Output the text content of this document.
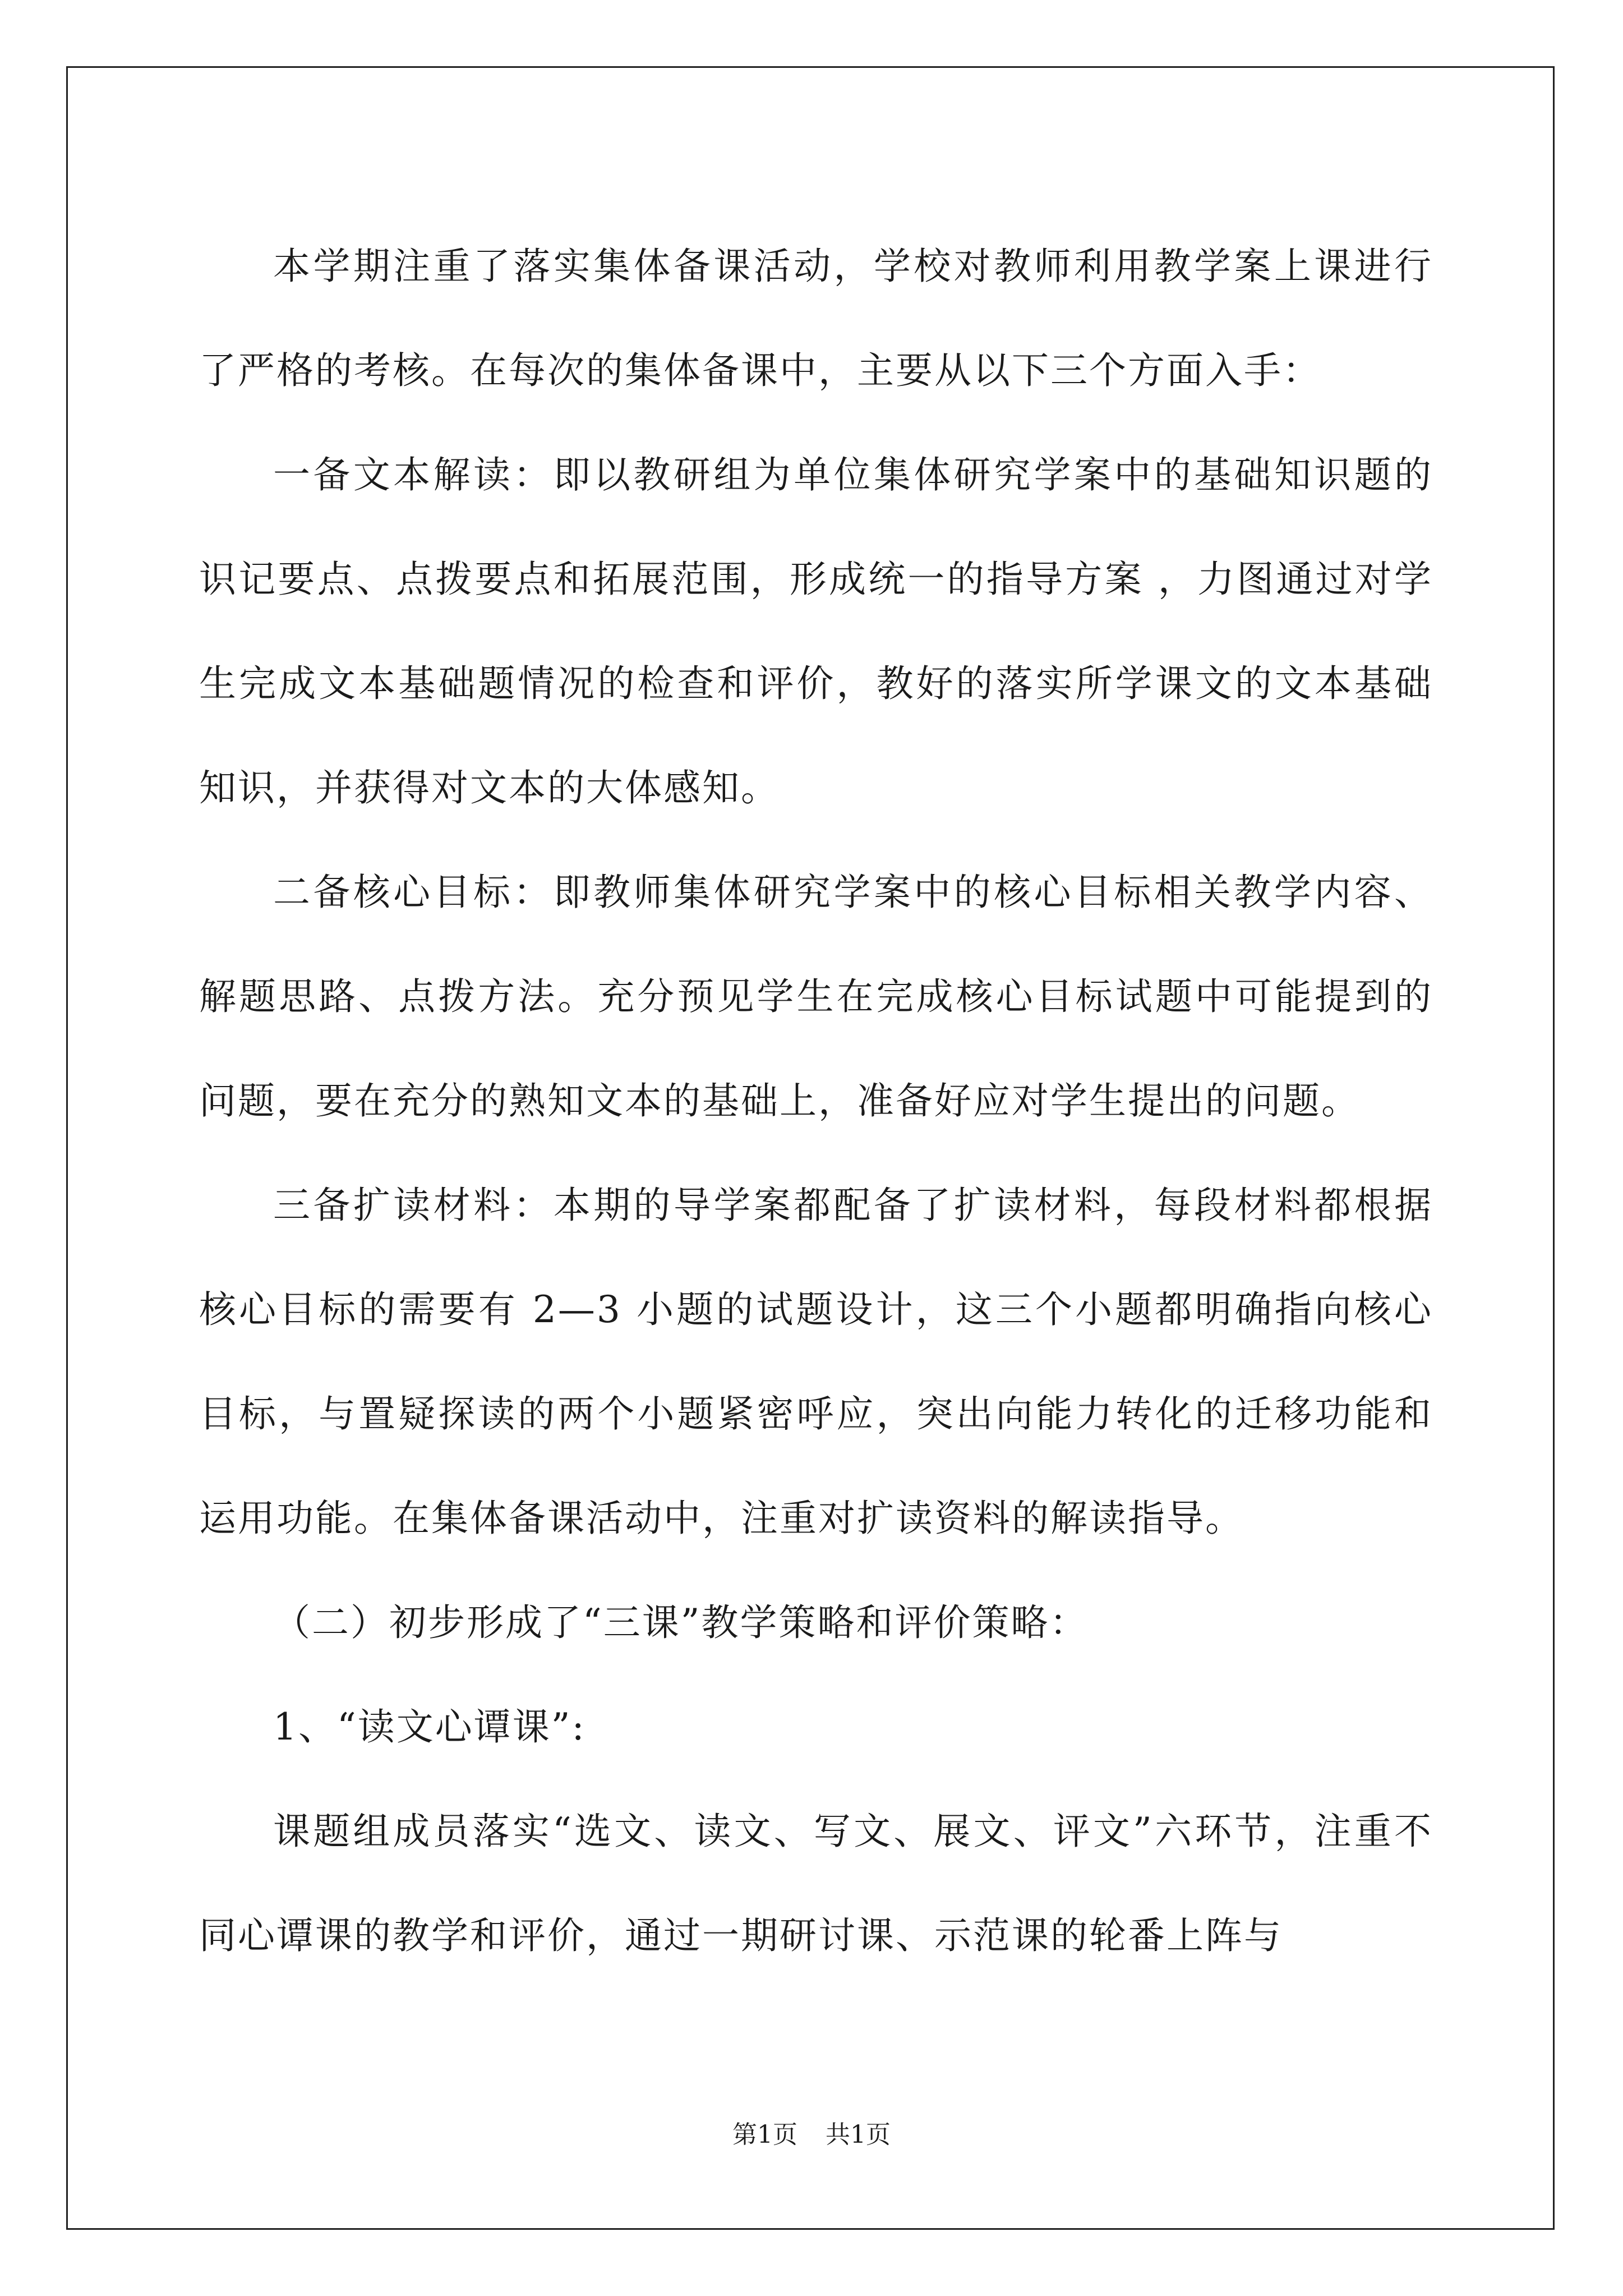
本学期注重了落实集体备课活动，学校对教师利用教学案上课进行了严格的考核。在每次的集体备课中，主要从以下三个方面入手：

一备文本解读：即以教研组为单位集体研究学案中的基础知识题的识记要点、点拨要点和拓展范围，形成统一的指导方案 ，力图通过对学生完成文本基础题情况的检查和评价，教好的落实所学课文的文本基础知识，并获得对文本的大体感知。

二备核心目标：即教师集体研究学案中的核心目标相关教学内容、解题思路、点拨方法。充分预见学生在完成核心目标试题中可能提到的问题，要在充分的熟知文本的基础上，准备好应对学生提出的问题。

三备扩读材料：本期的导学案都配备了扩读材料，每段材料都根据核心目标的需要有 2—3 小题的试题设计，这三个小题都明确指向核心目标，与置疑探读的两个小题紧密呼应，突出向能力转化的迁移功能和运用功能。在集体备课活动中，注重对扩读资料的解读指导。

（二）初步形成了“三课”教学策略和评价策略：

1、“读文心谭课”:

课题组成员落实“选文、读文、写文、展文、评文”六环节，注重不同心谭课的教学和评价，通过一期研讨课、示范课的轮番上阵与

第1页 共1页
